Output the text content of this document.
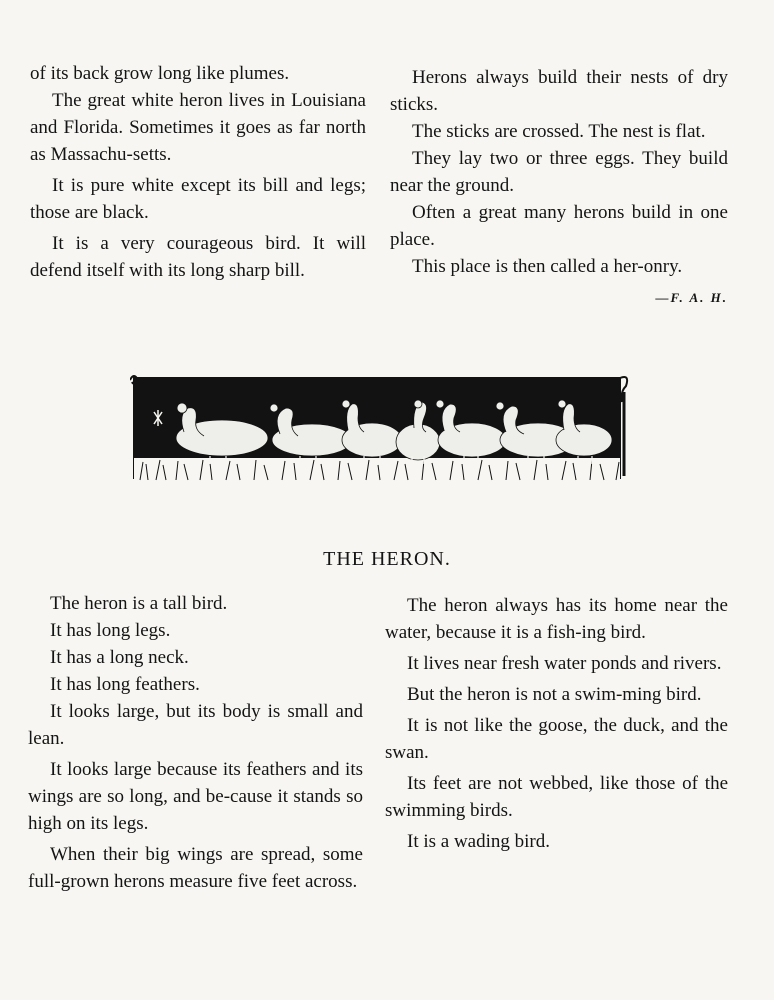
of its back grow long like plumes.

The great white heron lives in Louisiana and Florida. Sometimes it goes as far north as Massachu-setts.

It is pure white except its bill and legs; those are black.

It is a very courageous bird. It will defend itself with its long sharp bill.

Herons always build their nests of dry sticks.

The sticks are crossed. The nest is flat.

They lay two or three eggs. They build near the ground.

Often a great many herons build in one place.

This place is then called a her-onry.
—F. A. H.

THE HERON.

The heron is a tall bird.

It has long legs.

It has a long neck.

It has long feathers.

It looks large, but its body is small and lean.

It looks large because its feathers and its wings are so long, and be-cause it stands so high on its legs.

When their big wings are spread, some full-grown herons measure five feet across.

The heron always has its home near the water, because it is a fish-ing bird.

It lives near fresh water ponds and rivers.

But the heron is not a swim-ming bird.

It is not like the goose, the duck, and the swan.

Its feet are not webbed, like those of the swimming birds.

It is a wading bird.
